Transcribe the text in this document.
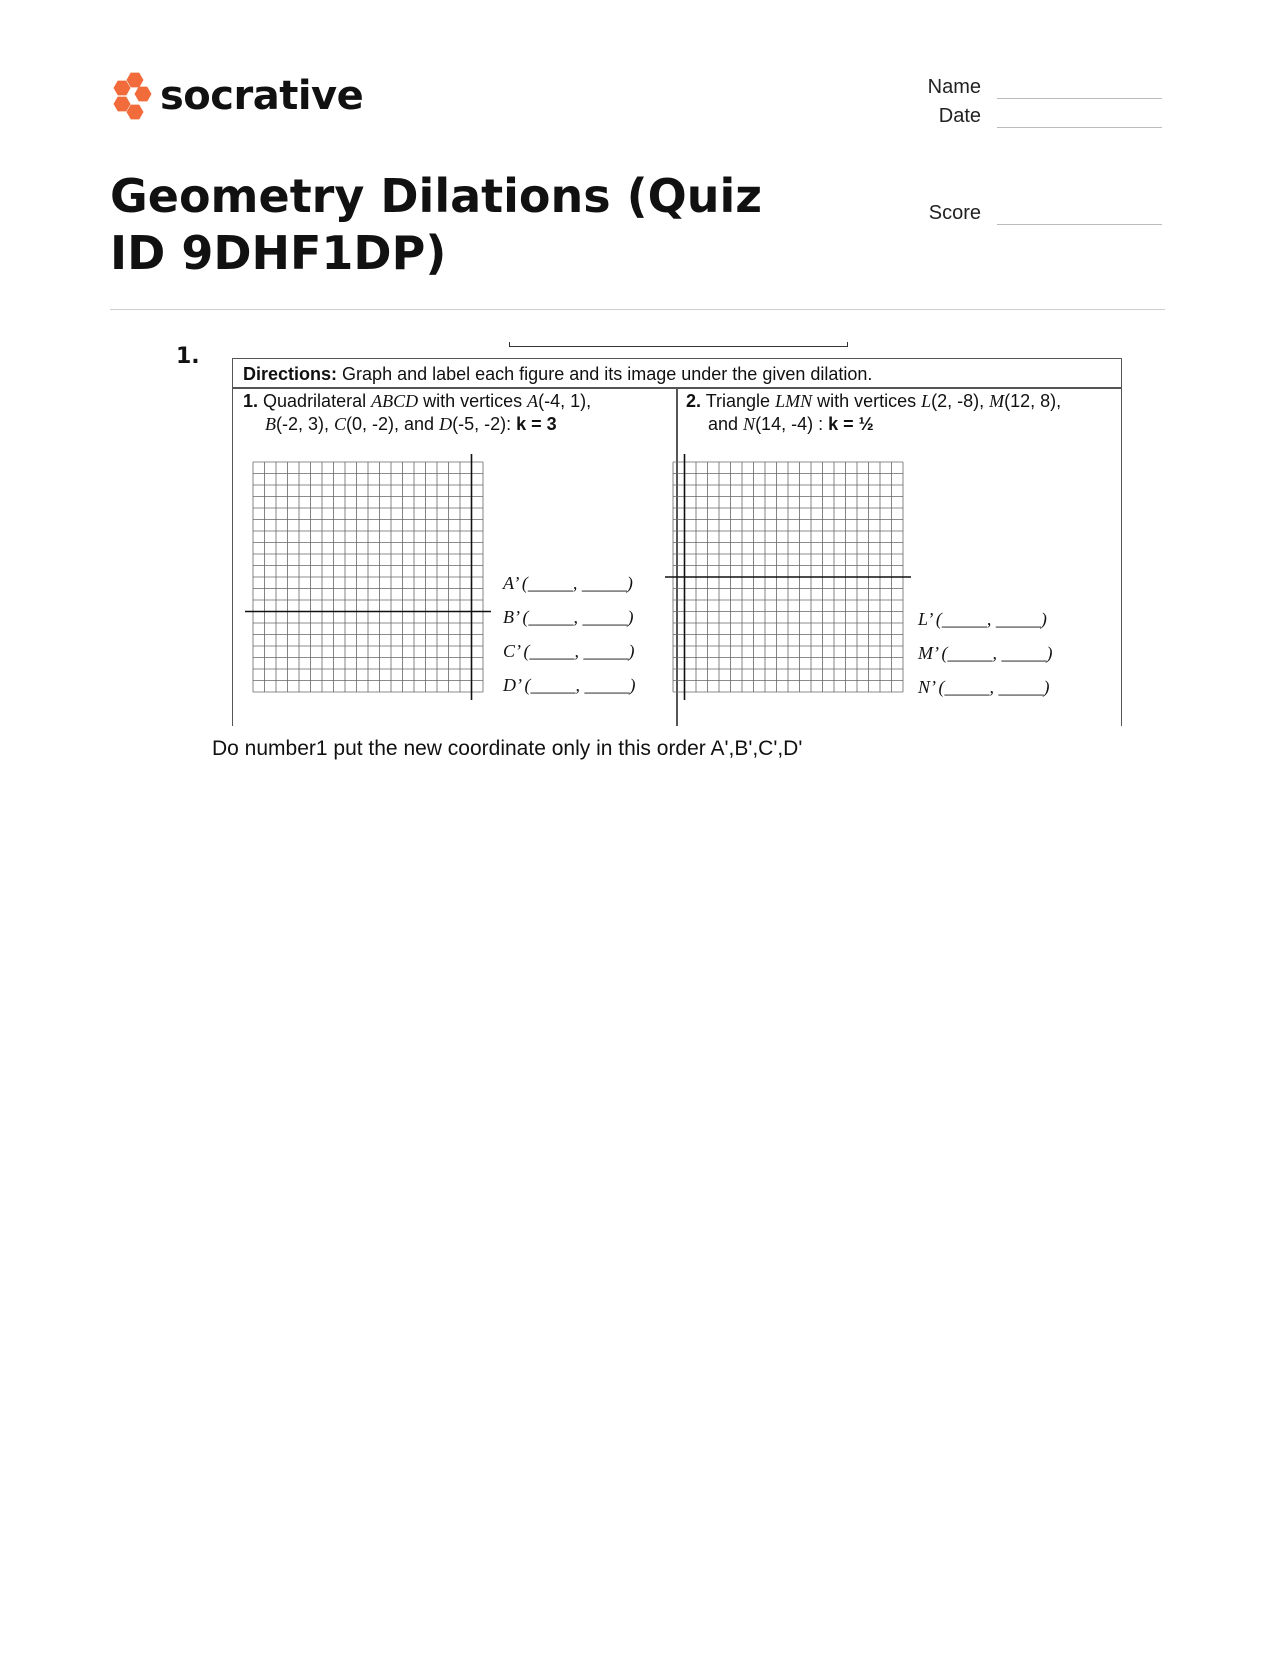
socrative	Name
Date
Score
Geometry Dilations (Quiz ID 9DHF1DP)
1.
Directions: Graph and label each figure and its image under the given dilation.
1. Quadrilateral ABCD with vertices A(-4, 1),
B(-2, 3), C(0, -2), and D(-5, -2): k = 3
2. Triangle LMN with vertices L(2, -8), M(12, 8),
and N(14, -4) : k = ½
A’ (_____, _____)
B’ (_____, _____)
C’ (_____, _____)
D’ (_____, _____)
L’ (_____, _____)
M’ (_____, _____)
N’ (_____, _____)
Do number1 put the new coordinate only in this order A',B',C',D'
